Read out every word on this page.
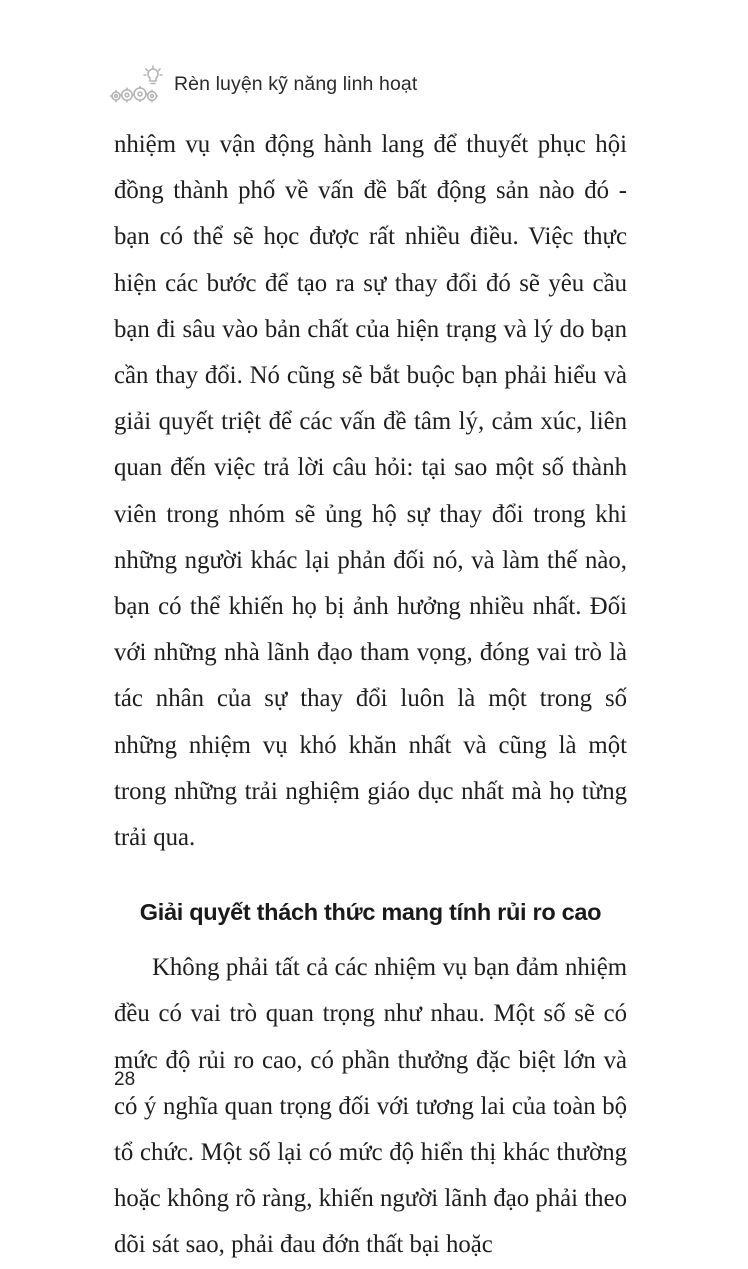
Rèn luyện kỹ năng linh hoạt

nhiệm vụ vận động hành lang để thuyết phục hội đồng thành phố về vấn đề bất động sản nào đó - bạn có thể sẽ học được rất nhiều điều. Việc thực hiện các bước để tạo ra sự thay đổi đó sẽ yêu cầu bạn đi sâu vào bản chất của hiện trạng và lý do bạn cần thay đổi. Nó cũng sẽ bắt buộc bạn phải hiểu và giải quyết triệt để các vấn đề tâm lý, cảm xúc, liên quan đến việc trả lời câu hỏi: tại sao một số thành viên trong nhóm sẽ ủng hộ sự thay đổi trong khi những người khác lại phản đối nó, và làm thế nào, bạn có thể khiến họ bị ảnh hưởng nhiều nhất. Đối với những nhà lãnh đạo tham vọng, đóng vai trò là tác nhân của sự thay đổi luôn là một trong số những nhiệm vụ khó khăn nhất và cũng là một trong những trải nghiệm giáo dục nhất mà họ từng trải qua.

Giải quyết thách thức mang tính rủi ro cao

Không phải tất cả các nhiệm vụ bạn đảm nhiệm đều có vai trò quan trọng như nhau. Một số sẽ có mức độ rủi ro cao, có phần thưởng đặc biệt lớn và có ý nghĩa quan trọng đối với tương lai của toàn bộ tổ chức. Một số lại có mức độ hiển thị khác thường hoặc không rõ ràng, khiến người lãnh đạo phải theo dõi sát sao, phải đau đớn thất bại hoặc

28
